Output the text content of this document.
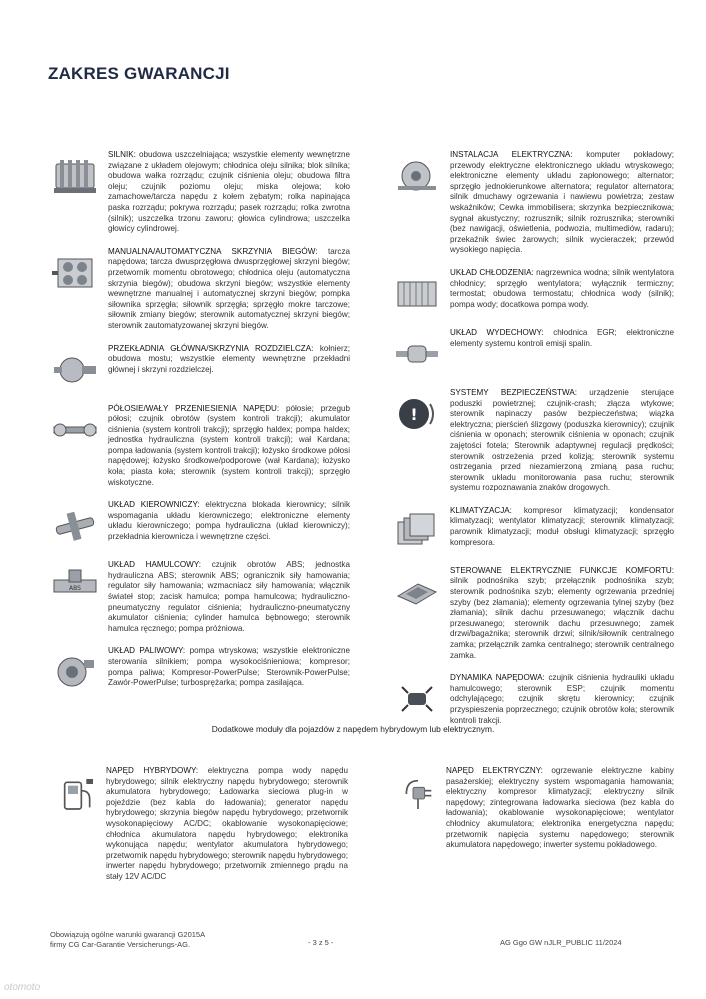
ZAKRES GWARANCJI
SILNIK: obudowa uszczelniająca; wszystkie elementy wewnętrzne związane z układem olejowym; chłodnica oleju silnika; blok silnika; obudowa wałka rozrządu; czujnik ciśnienia oleju; obudowa filtra oleju; czujnik poziomu oleju; miska olejowa; koło zamachowe/tarcza napędu z kołem zębatym; rolka napinająca paska rozrządu; pokrywa rozrządu; pasek rozrządu; rolka zwrotna (silnik); uszczelka trzonu zaworu; głowica cylindrowa; uszczelka głowicy cylindrowej.
MANUALNA/AUTOMATYCZNA SKRZYNIA BIEGÓW: tarcza napędowa; tarcza dwusprzęgłowa dwusprzęgłowej skrzyni biegów; przetwornik momentu obrotowego; chłodnica oleju (automatyczna skrzynia biegów); obudowa skrzyni biegów; wszystkie elementy wewnętrzne manualnej i automatycznej skrzyni biegów; pompka siłownika sprzęgła; siłownik sprzęgła; sprzęgło mokre tarczowe; siłownik zmiany biegów; sterownik automatycznej skrzyni biegów; sterownik zautomatyzowanej skrzyni biegów.
PRZEKŁADNIA GŁÓWNA/SKRZYNIA ROZDZIELCZA: kołnierz; obudowa mostu; wszystkie elementy wewnętrzne przekładni głównej i skrzyni rozdzielczej.
PÓŁOSIE/WAŁY PRZENIESIENIA NAPĘDU: półosie; przegub półosi; czujnik obrotów (system kontroli trakcji); akumulator ciśnienia (system kontroli trakcji); sprzęgło haldex; pompa haldex; jednostka hydrauliczna (system kontroli trakcji); wał Kardana; pompa ładowania (system kontroli trakcji); łożysko środkowe półosi napędowej; łożysko środkowe/podporowe (wał Kardana); łożysko koła; piasta koła; sterownik (system kontroli trakcji); sprzęgło wiskotyczne.
UKŁAD KIEROWNICZY: elektryczna blokada kierownicy; silnik wspomagania układu kierowniczego; elektroniczne elementy układu kierowniczego; pompa hydrauliczna (układ kierowniczy); przekładnia kierownicza i wewnętrzne części.
ABS
UKŁAD HAMULCOWY: czujnik obrotów ABS; jednostka hydrauliczna ABS; sterownik ABS; ogranicznik siły hamowania; regulator siły hamowania; wzmacniacz siły hamowania; włącznik świateł stop; zacisk hamulca; pompa hamulcowa; hydrauliczno-pneumatyczny regulator ciśnienia; hydrauliczno-pneumatyczny akumulator ciśnienia; cylinder hamulca bębnowego; sterownik hamulca ręcznego; pompa próżniowa.
UKŁAD PALIWOWY: pompa wtryskowa; wszystkie elektroniczne sterowania silnikiem; pompa wysokociśnieniowa; kompresor; pompa paliwa; Kompresor-PowerPulse; Sterownik-PowerPulse; Zawór-PowerPulse; turbosprężarka; pompa zasilająca.
INSTALACJA ELEKTRYCZNA: komputer pokładowy; przewody elektryczne elektronicznego układu wtryskowego; elektroniczne elementy układu zapłonowego; alternator; sprzęgło jednokierunkowe alternatora; regulator alternatora; silnik dmuchawy ogrzewania i nawiewu powietrza; zestaw wskaźników; Cewka immobilisera; skrzynka bezpiecznikowa; sygnał akustyczny; rozrusznik; silnik rozrusznika; sterowniki (bez nawigacji, oświetlenia, podwozia, multimediów, radaru); przekaźnik świec żarowych; silnik wycieraczek; przewód wysokiego napięcia.
UKŁAD CHŁODZENIA: nagrzewnica wodna; silnik wentylatora chłodnicy; sprzęgło wentylatora; wyłącznik termiczny; termostat; obudowa termostatu; chłodnica wody (silnik); pompa wody; docatkowa pompa wody.
UKŁAD WYDECHOWY: chłodnica EGR; elektroniczne elementy systemu kontroli emisji spalin.
!
SYSTEMY BEZPIECZEŃSTWA: urządzenie sterujące poduszki powietrznej; czujnik-crash; złącza wtykowe; sterownik napinaczy pasów bezpieczeństwa; wiązka elektryczna; pierścień ślizgowy (poduszka kierownicy); czujnik ciśnienia w oponach; sterownik ciśnienia w oponach; czujnik zajętości fotela; Sterownik adaptywnej regulacji prędkości; sterownik ostrzeżenia przed kolizją; sterownik systemu ostrzegania przed niezamierzoną zmianą pasa ruchu; sterownik układu monitorowania pasa ruchu; sterownik systemu rozpoznawania znaków drogowych.
KLIMATYZACJA: kompresor klimatyzacji; kondensator klimatyzacji; wentylator klimatyzacji; sterownik klimatyzacji; parownik klimatyzacji; moduł obsługi klimatyzacji; sprzęgło kompresora.
STEROWANE ELEKTRYCZNIE FUNKCJE KOMFORTU: silnik podnośnika szyb; przełącznik podnośnika szyb; sterownik podnośnika szyb; elementy ogrzewania przedniej szyby (bez złamania); elementy ogrzewania tylnej szyby (bez złamania); silnik dachu przesuwanego; włącznik dachu przesuwanego; sterownik dachu przesuwnego; zamek drzwi/bagażnika; sterownik drzwi; silnik/siłownik centralnego zamka; przełącznik zamka centralnego; sterownik centralnego zamka.
DYNAMIKA NAPĘDOWA: czujnik ciśnienia hydrauliki układu hamulcowego; sterownik ESP; czujnik momentu odchylającego; czujnik skrętu kierownicy; czujnik przyspieszenia poprzecznego; czujnik obrotów koła; sterownik kontroli trakcji.
Dodatkowe moduły dla pojazdów z napędem hybrydowym lub elektrycznym.
NAPĘD HYBRYDOWY: elektryczna pompa wody napędu hybrydowego; silnik elektryczny napędu hybrydowego; sterownik akumulatora hybrydowego; Ładowarka sieciowa plug-in w pojeździe (bez kabla do ładowania); generator napędu hybrydowego; skrzynia biegów napędu hybrydowego; przetwornik wysokonapięciowy AC/DC; okablowanie wysokonapięciowe; chłodnica akumulatora napędu hybrydowego; elektronika wykonująca napędu; wentylator akumulatora hybrydowego; przetwornik napędu hybrydowego; sterownik napędu hybrydowego; inwerter napędu hybrydowego; przetwornik zmiennego prądu na stały 12V AC/DC
NAPĘD ELEKTRYCZNY: ogrzewanie elektryczne kabiny pasażerskiej; elektryczny system wspomagania hamowania; elektryczny kompresor klimatyzacji; elektryczny silnik napędowy; zintegrowana ładowarka sieciowa (bez kabla do ładowania); okablowanie wysokonapięciowe; wentylator chłodnicy akumulatora; elektronika energetyczna napędu; przetwornik napięcia systemu napędowego; sterownik akumulatora napędowego; inwerter systemu pokładowego.
Obowiązują ogólne warunki gwarancji G2015A
firmy CG Car-Garantie Versicherungs-AG.	- 3 z 5 -	AG Ggo GW nJLR_PUBLIC 11/2024
otomoto
